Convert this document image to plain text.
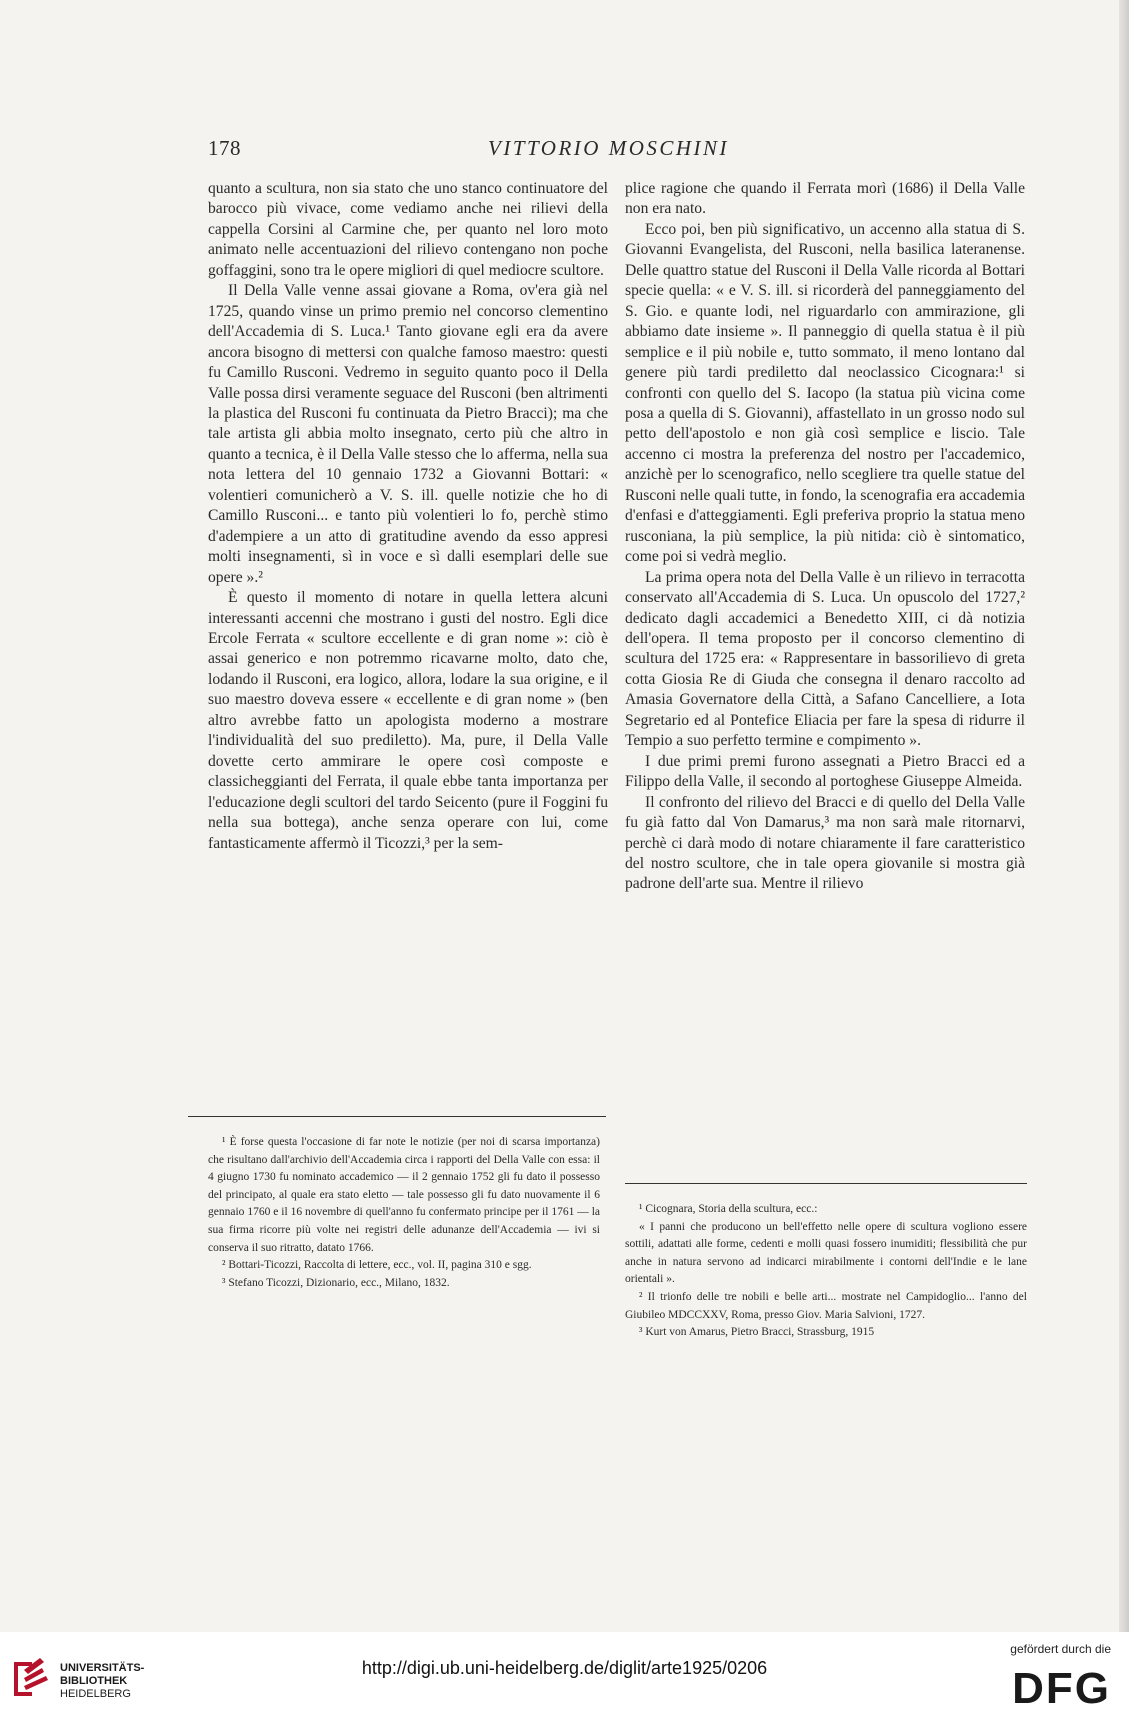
178	VITTORIO MOSCHINI

quanto a scultura, non sia stato che uno stanco continuatore del barocco più vivace, come vediamo anche nei rilievi della cappella Corsini al Carmine che, per quanto nel loro moto animato nelle accentuazioni del rilievo contengano non poche goffaggini, sono tra le opere migliori di quel mediocre scultore.

Il Della Valle venne assai giovane a Roma, ov'era già nel 1725, quando vinse un primo premio nel concorso clementino dell'Accademia di S. Luca.¹ Tanto giovane egli era da avere ancora bisogno di mettersi con qualche famoso maestro: questi fu Camillo Rusconi. Vedremo in seguito quanto poco il Della Valle possa dirsi veramente seguace del Rusconi (ben altrimenti la plastica del Rusconi fu continuata da Pietro Bracci); ma che tale artista gli abbia molto insegnato, certo più che altro in quanto a tecnica, è il Della Valle stesso che lo afferma, nella sua nota lettera del 10 gennaio 1732 a Giovanni Bottari: « volentieri comunicherò a V. S. ill. quelle notizie che ho di Camillo Rusconi... e tanto più volentieri lo fo, perchè stimo d'adempiere a un atto di gratitudine avendo da esso appresi molti insegnamenti, sì in voce e sì dalli esemplari delle sue opere ».²

È questo il momento di notare in quella lettera alcuni interessanti accenni che mostrano i gusti del nostro. Egli dice Ercole Ferrata « scultore eccellente e di gran nome »: ciò è assai generico e non potremmo ricavarne molto, dato che, lodando il Rusconi, era logico, allora, lodare la sua origine, e il suo maestro doveva essere « eccellente e di gran nome » (ben altro avrebbe fatto un apologista moderno a mostrare l'individualità del suo prediletto). Ma, pure, il Della Valle dovette certo ammirare le opere così composte e classicheggianti del Ferrata, il quale ebbe tanta importanza per l'educazione degli scultori del tardo Seicento (pure il Foggini fu nella sua bottega), anche senza operare con lui, come fantasticamente affermò il Ticozzi,³ per la sem-

plice ragione che quando il Ferrata morì (1686) il Della Valle non era nato.

Ecco poi, ben più significativo, un accenno alla statua di S. Giovanni Evangelista, del Rusconi, nella basilica lateranense. Delle quattro statue del Rusconi il Della Valle ricorda al Bottari specie quella: « e V. S. ill. si ricorderà del panneggiamento del S. Gio. e quante lodi, nel riguardarlo con ammirazione, gli abbiamo date insieme ». Il panneggio di quella statua è il più semplice e il più nobile e, tutto sommato, il meno lontano dal genere più tardi prediletto dal neoclassico Cicognara:¹ si confronti con quello del S. Iacopo (la statua più vicina come posa a quella di S. Giovanni), affastellato in un grosso nodo sul petto dell'apostolo e non già così semplice e liscio. Tale accenno ci mostra la preferenza del nostro per l'accademico, anzichè per lo scenografico, nello scegliere tra quelle statue del Rusconi nelle quali tutte, in fondo, la scenografia era accademia d'enfasi e d'atteggiamenti. Egli preferiva proprio la statua meno rusconiana, la più semplice, la più nitida: ciò è sintomatico, come poi si vedrà meglio.

La prima opera nota del Della Valle è un rilievo in terracotta conservato all'Accademia di S. Luca. Un opuscolo del 1727,² dedicato dagli accademici a Benedetto XIII, ci dà notizia dell'opera. Il tema proposto per il concorso clementino di scultura del 1725 era: « Rappresentare in bassorilievo di greta cotta Giosia Re di Giuda che consegna il denaro raccolto ad Amasia Governatore della Città, a Safano Cancelliere, a Iota Segretario ed al Pontefice Eliacia per fare la spesa di ridurre il Tempio a suo perfetto termine e compimento ».

I due primi premi furono assegnati a Pietro Bracci ed a Filippo della Valle, il secondo al portoghese Giuseppe Almeida.

Il confronto del rilievo del Bracci e di quello del Della Valle fu già fatto dal Von Damarus,³ ma non sarà male ritornarvi, perchè ci darà modo di notare chiaramente il fare caratteristico del nostro scultore, che in tale opera giovanile si mostra già padrone dell'arte sua. Mentre il rilievo

¹ È forse questa l'occasione di far note le notizie (per noi di scarsa importanza) che risultano dall'archivio dell'Accademia circa i rapporti del Della Valle con essa: il 4 giugno 1730 fu nominato accademico — il 2 gennaio 1752 gli fu dato il possesso del principato, al quale era stato eletto — tale possesso gli fu dato nuovamente il 6 gennaio 1760 e il 16 novembre di quell'anno fu confermato principe per il 1761 — la sua firma ricorre più volte nei registri delle adunanze dell'Accademia — ivi si conserva il suo ritratto, datato 1766.

² Bottari-Ticozzi, Raccolta di lettere, ecc., vol. II, pagina 310 e sgg.

³ Stefano Ticozzi, Dizionario, ecc., Milano, 1832.

¹ Cicognara, Storia della scultura, ecc.:

« I panni che producono un bell'effetto nelle opere di scultura vogliono essere sottili, adattati alle forme, cedenti e molli quasi fossero inumiditi; flessibilità che pur anche in natura servono ad indicarci mirabilmente i contorni dell'Indie e le lane orientali ».

² Il trionfo delle tre nobili e belle arti... mostrate nel Campidoglio... l'anno del Giubileo MDCCXXV, Roma, presso Giov. Maria Salvioni, 1727.

³ Kurt von Amarus, Pietro Bracci, Strassburg, 1915

UNIVERSITÄTS-
BIBLIOTHEK
HEIDELBERG
http://digi.ub.uni-heidelberg.de/diglit/arte1925/0206
gefördert durch die
DFG
